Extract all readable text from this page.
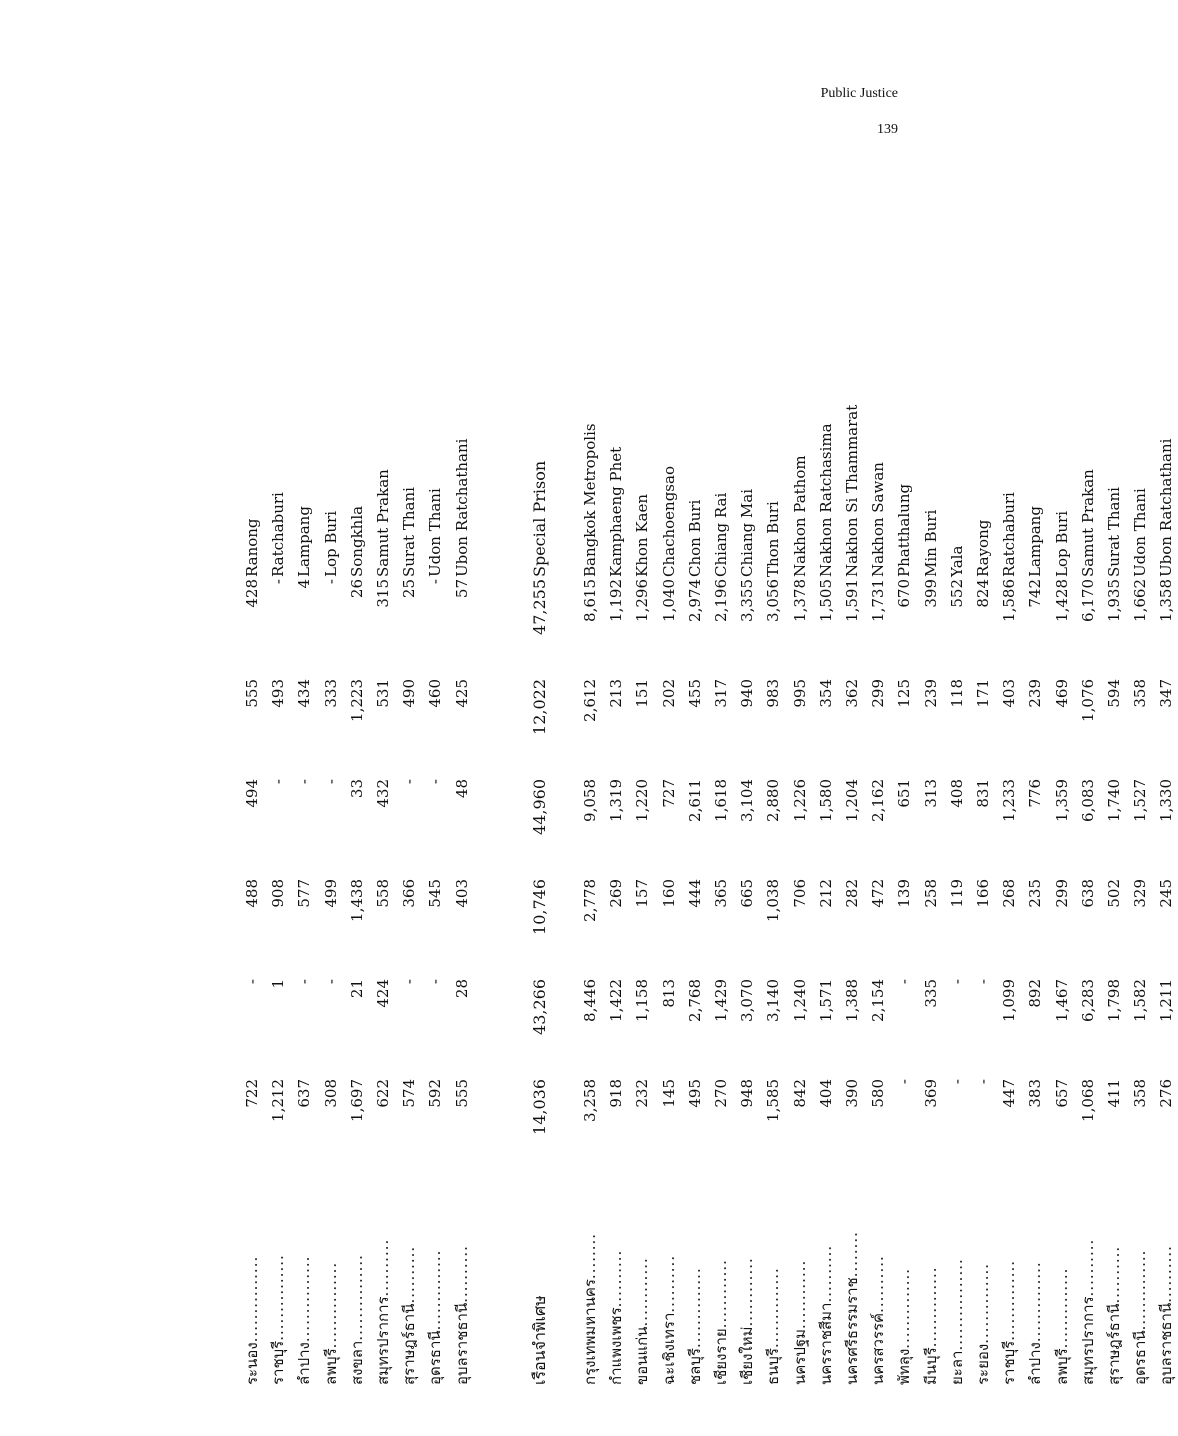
Public Justice
139
ระนอง...............
722
-
488
494
555
428
Ranong
ราชบุรี...............
1,212
1
908
-
493
-
Ratchaburi
ลำปาง...............
637
-
577
-
434
4
Lampang
ลพบุรี...............
308
-
499
-
333
-
Lop Buri
สงขลา...............
1,697
21
1,438
33
1,223
26
Songkhla
สมุทรปราการ..........
622
424
558
432
531
315
Samut Prakan
สุราษฎร์ธานี..........
574
-
366
-
490
25
Surat Thani
อุดรธานี..............
592
-
545
-
460
-
Udon Thani
อุบลราชธานี..........
555
28
403
48
425
57
Ubon Ratchathani
เรือนจำพิเศษ
14,036
43,266
10,746
44,960
12,022
47,255
Special Prison
กรุงเทพมหานคร........
3,258
8,446
2,778
9,058
2,612
8,615
Bangkok Metropolis
กำแพงเพชร..........
918
1,422
269
1,319
213
1,192
Kamphaeng Phet
ขอนแก่น............
232
1,158
157
1,220
151
1,296
Khon Kaen
ฉะเชิงเทรา..........
145
813
160
727
202
1,040
Chachoengsao
ชลบุรี..............
495
2,768
444
2,611
455
2,974
Chon Buri
เชียงราย............
270
1,429
365
1,618
317
2,196
Chiang Rai
เชียงใหม่............
948
3,070
665
3,104
940
3,355
Chiang Mai
ธนบุรี..............
1,585
3,140
1,038
2,880
983
3,056
Thon Buri
นครปฐม............
842
1,240
706
1,226
995
1,378
Nakhon Pathom
นครราชสีมา..........
404
1,571
212
1,580
354
1,505
Nakhon Ratchasima
นครศรีธรรมราช........
390
1,388
282
1,204
362
1,591
Nakhon Si Thammarat
นครสวรรค์..........
580
2,154
472
2,162
299
1,731
Nakhon Sawan
พัทลุง..............
-
-
139
651
125
670
Phatthalung
มีนบุรี..............
369
335
258
313
239
399
Min Buri
ยะลา................
-
-
119
408
118
552
Yala
ระยอง..............
-
-
166
831
171
824
Rayong
ราชบุรี..............
447
1,099
268
1,233
403
1,586
Ratchaburi
ลำปาง..............
383
892
235
776
239
742
Lampang
ลพบุรี..............
657
1,467
299
1,359
469
1,428
Lop Buri
สมุทรปราการ..........
1,068
6,283
638
6,083
1,076
6,170
Samut Prakan
สุราษฎร์ธานี..........
411
1,798
502
1,740
594
1,935
Surat Thani
อุดรธานี..............
358
1,582
329
1,527
358
1,662
Udon Thani
อุบลราชธานี..........
276
1,211
245
1,330
347
1,358
Ubon Ratchathani
